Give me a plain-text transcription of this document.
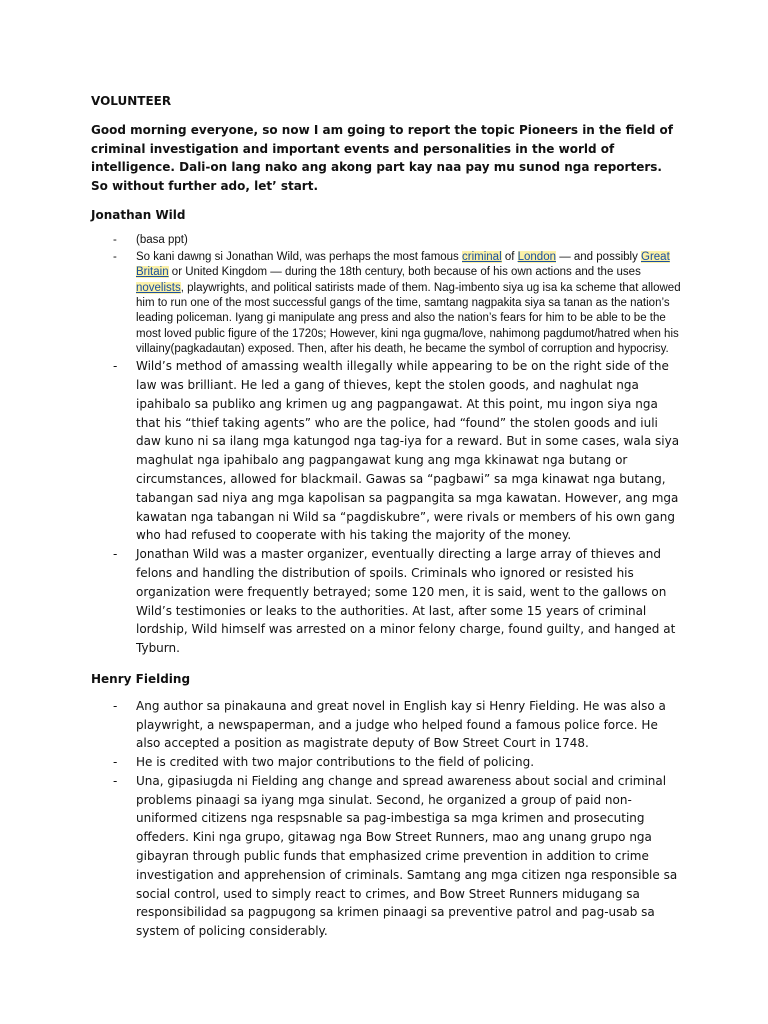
VOLUNTEER
Good morning everyone, so now I am going to report the topic Pioneers in the field of criminal investigation and important events and personalities in the world of intelligence. Dali-on lang nako ang akong part kay naa pay mu sunod nga reporters. So without further ado, let’ start.
Jonathan Wild
- (basa ppt)
- So kani dawng si Jonathan Wild, was perhaps the most famous criminal of London — and possibly Great Britain or United Kingdom — during the 18th century, both because of his own actions and the uses novelists, playwrights, and political satirists made of them. Nag-imbento siya ug isa ka scheme that allowed him to run one of the most successful gangs of the time, samtang nagpakita siya sa tanan as the nation’s leading policeman. Iyang gi manipulate ang press and also the nation’s fears for him to be able to be the most loved public figure of the 1720s; However, kini nga gugma/love, nahimong pagdumot/hatred when his villainy(pagkadautan) exposed. Then, after his death, he became the symbol of corruption and hypocrisy.
- Wild’s method of amassing wealth illegally while appearing to be on the right side of the law was brilliant. He led a gang of thieves, kept the stolen goods, and naghulat nga ipahibalo sa publiko ang krimen ug ang pagpangawat. At this point, mu ingon siya nga that his “thief taking agents” who are the police, had “found” the stolen goods and iuli daw kuno ni sa ilang mga katungod nga tag-iya for a reward. But in some cases, wala siya maghulat nga ipahibalo ang pagpangawat kung ang mga kkinawat nga butang or circumstances, allowed for blackmail. Gawas sa “pagbawi” sa mga kinawat nga butang, tabangan sad niya ang mga kapolisan sa pagpangita sa mga kawatan. However, ang mga kawatan nga tabangan ni Wild sa “pagdiskubre”, were rivals or members of his own gang who had refused to cooperate with his taking the majority of the money.
- Jonathan Wild was a master organizer, eventually directing a large array of thieves and felons and handling the distribution of spoils. Criminals who ignored or resisted his organization were frequently betrayed; some 120 men, it is said, went to the gallows on Wild’s testimonies or leaks to the authorities. At last, after some 15 years of criminal lordship, Wild himself was arrested on a minor felony charge, found guilty, and hanged at Tyburn.
Henry Fielding
- Ang author sa pinakauna and great novel in English kay si Henry Fielding. He was also a playwright, a newspaperman, and a judge who helped found a famous police force. He also accepted a position as magistrate deputy of Bow Street Court in 1748.
- He is credited with two major contributions to the field of policing.
- Una, gipasiugda ni Fielding ang change and spread awareness about social and criminal problems pinaagi sa iyang mga sinulat. Second, he organized a group of paid non-uniformed citizens nga respsnable sa pag-imbestiga sa mga krimen and prosecuting offeders. Kini nga grupo, gitawag nga Bow Street Runners, mao ang unang grupo nga gibayran through public funds that emphasized crime prevention in addition to crime investigation and apprehension of criminals. Samtang ang mga citizen nga responsible sa social control, used to simply react to crimes, and Bow Street Runners midugang sa responsibilidad sa pagpugong sa krimen pinaagi sa preventive patrol and pag-usab sa system of policing considerably.
